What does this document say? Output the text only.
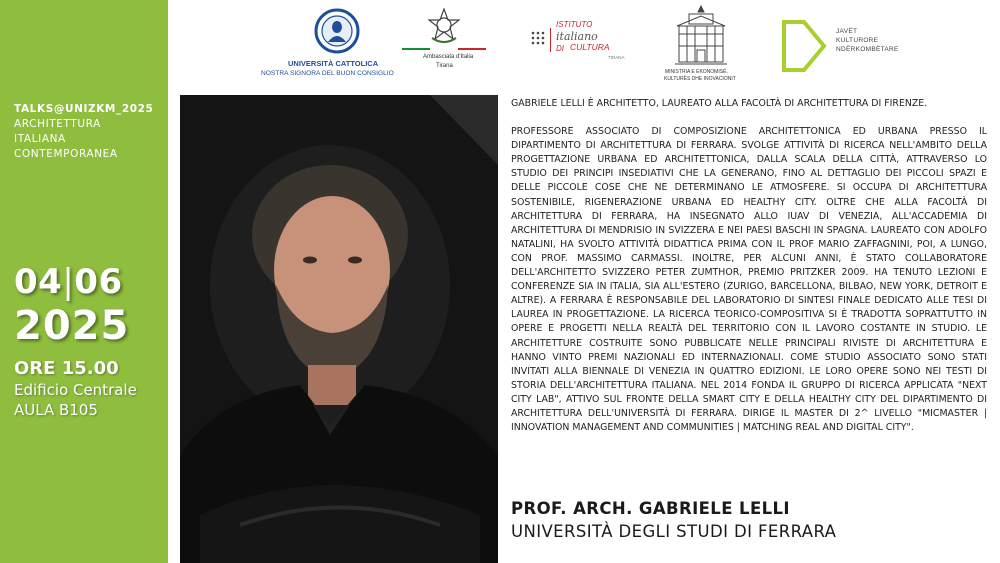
TALKS@UNIZKM_2025
ARCHITETTURA
ITALIANA
CONTEMPORANEA
04|06
2025
ORE 15.00
Edificio Centrale
AULA B105
UNIVERSITÀ CATTOLICA
NOSTRA SIGNORA DEL BUON CONSIGLIO
Ambasciata d'Italia
Tirana
ISTITUTO
italiano
DI CULTURA
TIRANA
MINISTRIA E EKONOMISË,
KULTURËS DHE INOVACIONIT
JAVËT
KULTURORE
NDËRKOMBËTARE

GABRIELE LELLI È ARCHITETTO, LAUREATO ALLA FACOLTÀ DI ARCHITETTURA DI FIRENZE.

PROFESSORE ASSOCIATO DI COMPOSIZIONE ARCHITETTONICA ED URBANA PRESSO IL DIPARTIMENTO DI ARCHITETTURA DI FERRARA. SVOLGE ATTIVITÀ DI RICERCA NELL'AMBITO DELLA PROGETTAZIONE URBANA ED ARCHITETTONICA, DALLA SCALA DELLA CITTÀ, ATTRAVERSO LO STUDIO DEI PRINCIPI INSEDIATIVI CHE LA GENERANO, FINO AL DETTAGLIO DEI PICCOLI SPAZI E DELLE PICCOLE COSE CHE NE DETERMINANO LE ATMOSFERE. SI OCCUPA DI ARCHITETTURA SOSTENIBILE, RIGENERAZIONE URBANA ED HEALTHY CITY. OLTRE CHE ALLA FACOLTÀ DI ARCHITETTURA DI FERRARA, HA INSEGNATO ALLO IUAV DI VENEZIA, ALL'ACCADEMIA DI ARCHITETTURA DI MENDRISIO IN SVIZZERA E NEI PAESI BASCHI IN SPAGNA. LAUREATO CON ADOLFO NATALINI, HA SVOLTO ATTIVITÀ DIDATTICA PRIMA CON IL PROF MARIO ZAFFAGNINI, POI, A LUNGO, CON PROF. MASSIMO CARMASSI. INOLTRE, PER ALCUNI ANNI, È STATO COLLABORATORE DELL'ARCHITETTO SVIZZERO PETER ZUMTHOR, PREMIO PRITZKER 2009. HA TENUTO LEZIONI E CONFERENZE SIA IN ITALIA, SIA ALL'ESTERO (ZURIGO, BARCELLONA, BILBAO, NEW YORK, DETROIT E ALTRE). A FERRARA È RESPONSABILE DEL LABORATORIO DI SINTESI FINALE DEDICATO ALLE TESI DI LAUREA IN PROGETTAZIONE. LA RICERCA TEORICO-COMPOSITIVA SI È TRADOTTA SOPRATTUTTO IN OPERE E PROGETTI NELLA REALTÀ DEL TERRITORIO CON IL LAVORO COSTANTE IN STUDIO. LE ARCHITETTURE COSTRUITE SONO PUBBLICATE NELLE PRINCIPALI RIVISTE DI ARCHITETTURA E HANNO VINTO PREMI NAZIONALI ED INTERNAZIONALI. COME STUDIO ASSOCIATO SONO STATI INVITATI ALLA BIENNALE DI VENEZIA IN QUATTRO EDIZIONI. LE LORO OPERE SONO NEI TESTI DI STORIA DELL'ARCHITETTURA ITALIANA. NEL 2014 FONDA IL GRUPPO DI RICERCA APPLICATA "NEXT CITY LAB", ATTIVO SUL FRONTE DELLA SMART CITY E DELLA HEALTHY CITY DEL DIPARTIMENTO DI ARCHITETTURA DELL'UNIVERSITÀ DI FERRARA. DIRIGE IL MASTER DI 2^ LIVELLO "MICMASTER | INNOVATION MANAGEMENT AND COMMUNITIES | MATCHING REAL AND DIGITAL CITY".

PROF. ARCH. GABRIELE LELLI
UNIVERSITÀ DEGLI STUDI DI FERRARA
